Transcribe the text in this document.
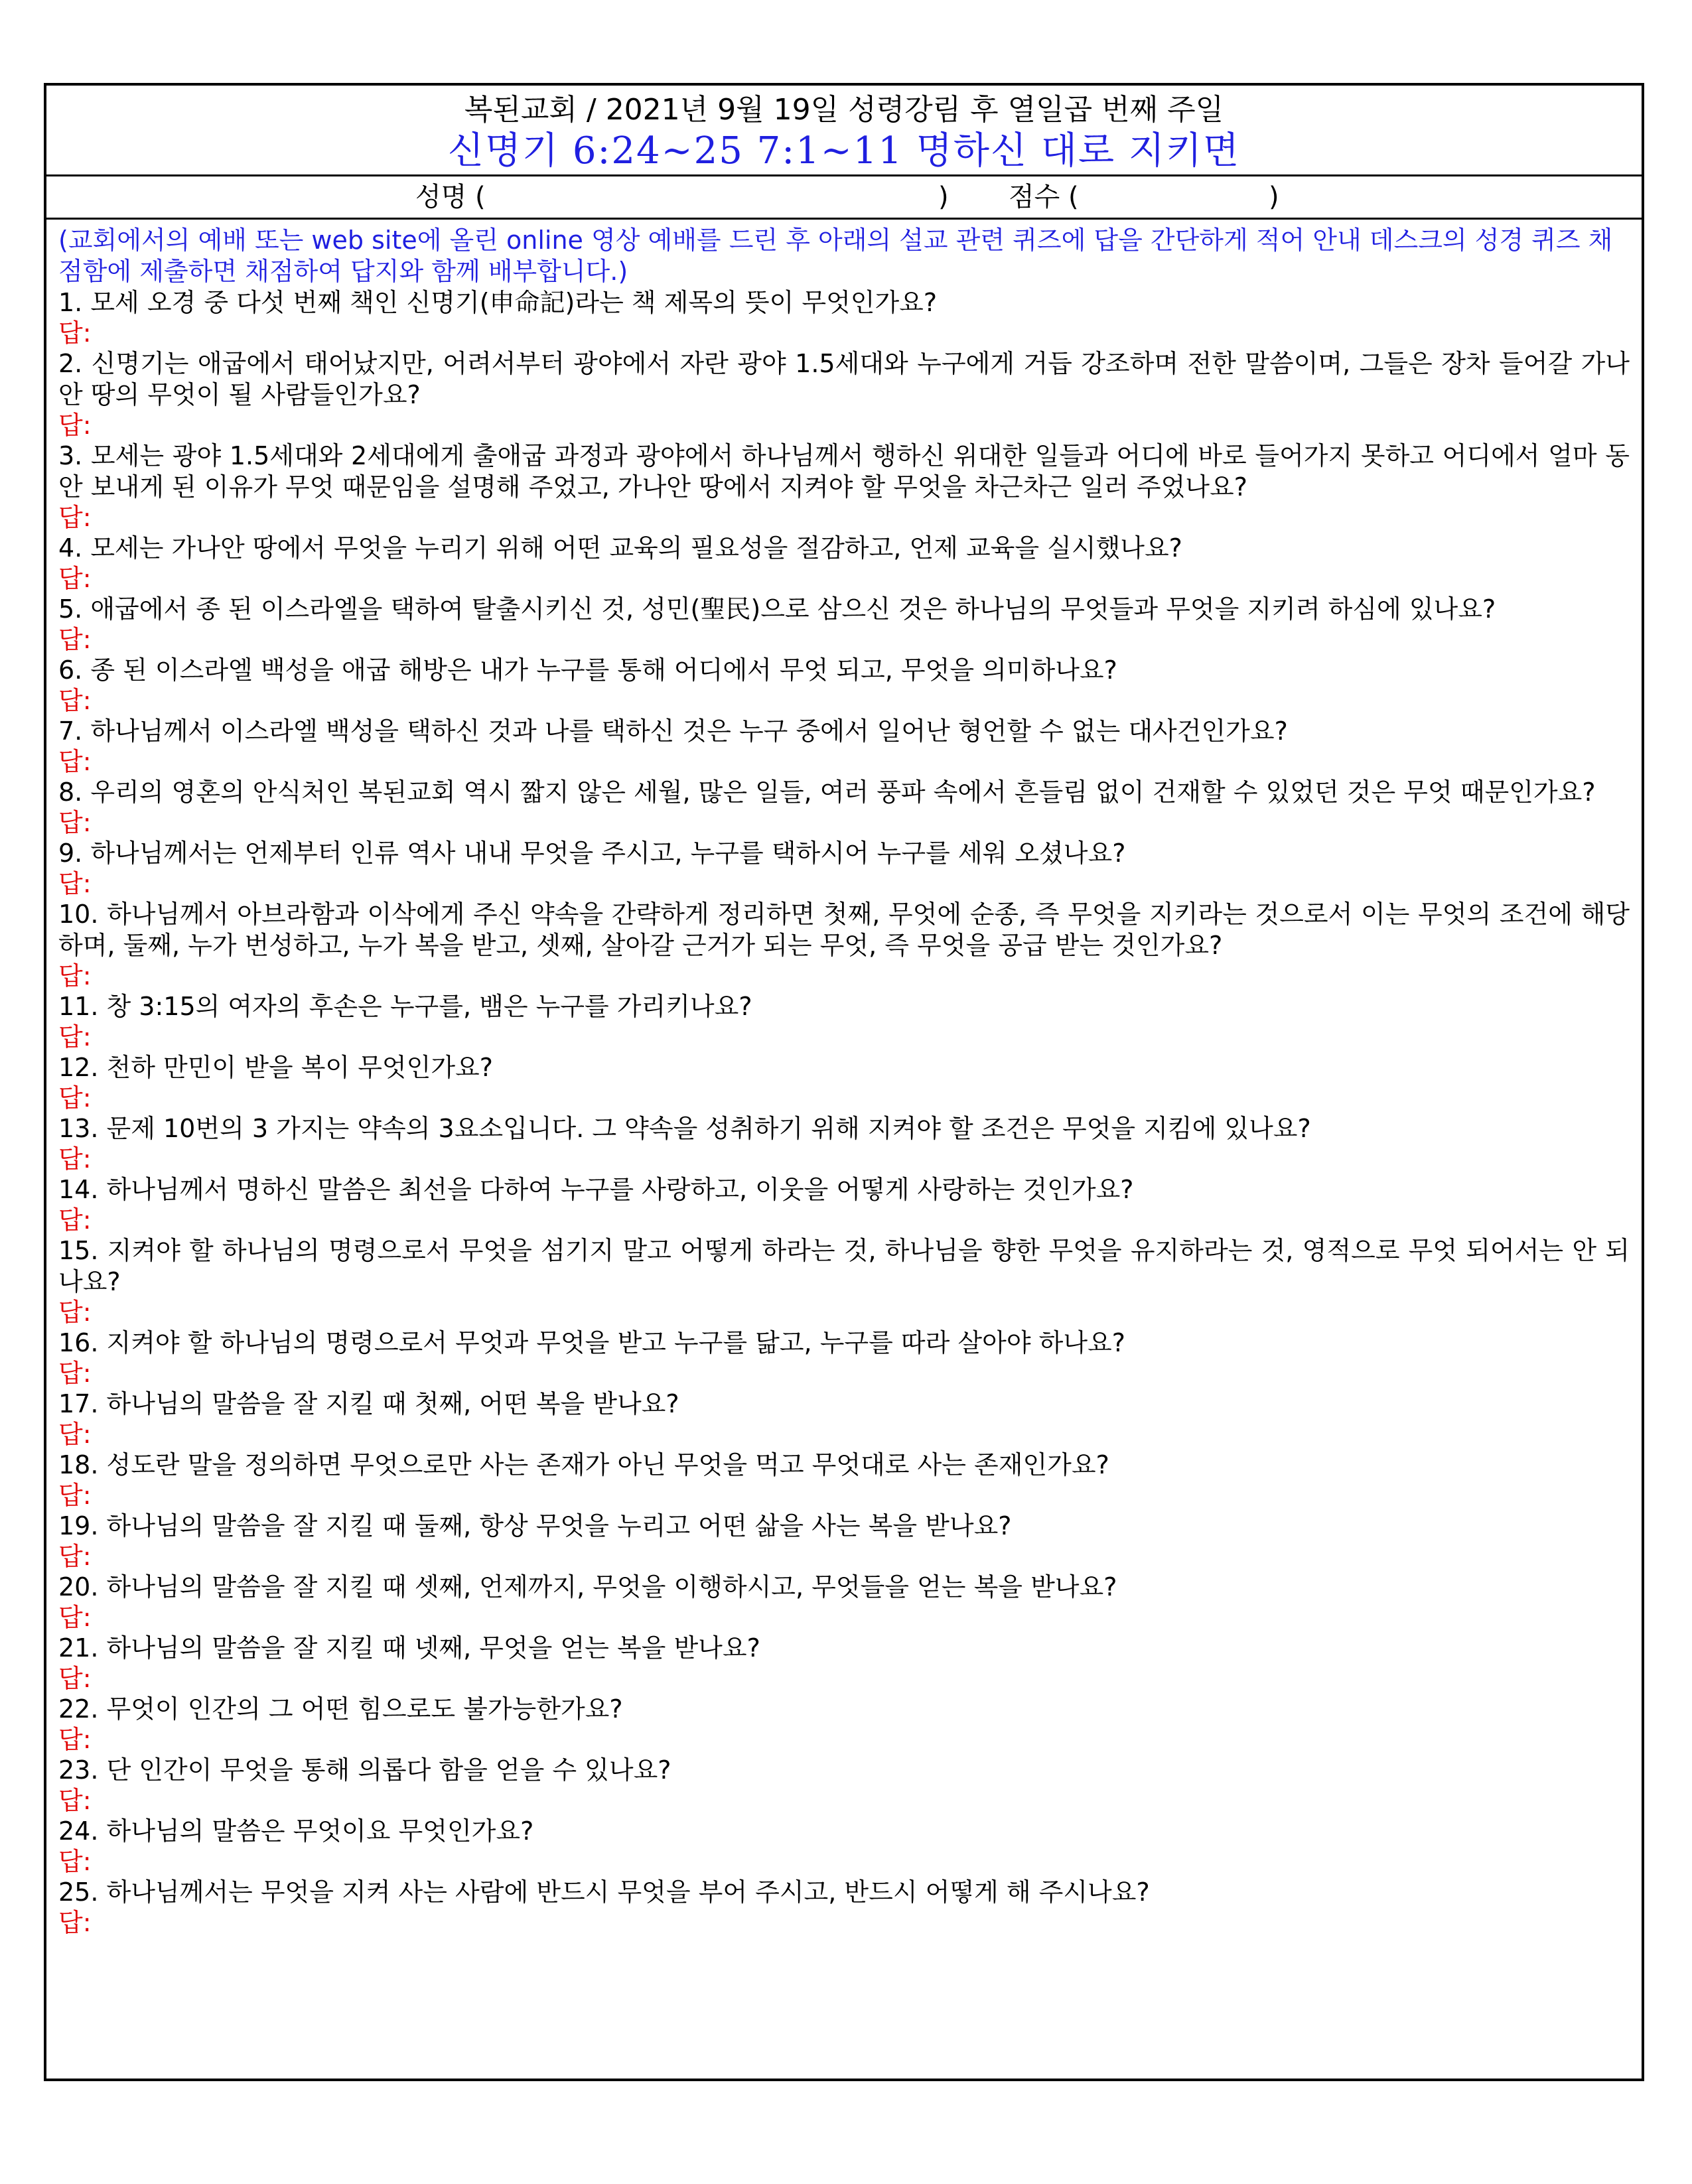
복된교회 / 2021년 9월 19일 성령강림 후 열일곱 번째 주일
신명기 6:24~25 7:1~11 명하신 대로 지키면
성명 (	) 점수 (	)

(교회에서의 예배 또는 web site에 올린 online 영상 예배를 드린 후 아래의 설교 관련 퀴즈에 답을 간단하게 적어 안내 데스크의 성경 퀴즈 채점함에 제출하면 채점하여 답지와 함께 배부합니다.)

1. 모세 오경 중 다섯 번째 책인 신명기(申命記)라는 책 제목의 뜻이 무엇인가요?

답:

2. 신명기는 애굽에서 태어났지만, 어려서부터 광야에서 자란 광야 1.5세대와 누구에게 거듭 강조하며 전한 말씀이며, 그들은 장차 들어갈 가나안 땅의 무엇이 될 사람들인가요?

답:

3. 모세는 광야 1.5세대와 2세대에게 출애굽 과정과 광야에서 하나님께서 행하신 위대한 일들과 어디에 바로 들어가지 못하고 어디에서 얼마 동안 보내게 된 이유가 무엇 때문임을 설명해 주었고, 가나안 땅에서 지켜야 할 무엇을 차근차근 일러 주었나요?

답:

4. 모세는 가나안 땅에서 무엇을 누리기 위해 어떤 교육의 필요성을 절감하고, 언제 교육을 실시했나요?

답:

5. 애굽에서 종 된 이스라엘을 택하여 탈출시키신 것, 성민(聖民)으로 삼으신 것은 하나님의 무엇들과 무엇을 지키려 하심에 있나요?

답:

6. 종 된 이스라엘 백성을 애굽 해방은 내가 누구를 통해 어디에서 무엇 되고, 무엇을 의미하나요?

답:

7. 하나님께서 이스라엘 백성을 택하신 것과 나를 택하신 것은 누구 중에서 일어난 형언할 수 없는 대사건인가요?

답:

8. 우리의 영혼의 안식처인 복된교회 역시 짧지 않은 세월, 많은 일들, 여러 풍파 속에서 흔들림 없이 건재할 수 있었던 것은 무엇 때문인가요?

답:

9. 하나님께서는 언제부터 인류 역사 내내 무엇을 주시고, 누구를 택하시어 누구를 세워 오셨나요?

답:

10. 하나님께서 아브라함과 이삭에게 주신 약속을 간략하게 정리하면 첫째, 무엇에 순종, 즉 무엇을 지키라는 것으로서 이는 무엇의 조건에 해당하며, 둘째, 누가 번성하고, 누가 복을 받고, 셋째, 살아갈 근거가 되는 무엇, 즉 무엇을 공급 받는 것인가요?

답:

11. 창 3:15의 여자의 후손은 누구를, 뱀은 누구를 가리키나요?

답:

12. 천하 만민이 받을 복이 무엇인가요?

답:

13. 문제 10번의 3 가지는 약속의 3요소입니다. 그 약속을 성취하기 위해 지켜야 할 조건은 무엇을 지킴에 있나요?

답:

14. 하나님께서 명하신 말씀은 최선을 다하여 누구를 사랑하고, 이웃을 어떻게 사랑하는 것인가요?

답:

15. 지켜야 할 하나님의 명령으로서 무엇을 섬기지 말고 어떻게 하라는 것, 하나님을 향한 무엇을 유지하라는 것, 영적으로 무엇 되어서는 안 되나요?

답:

16. 지켜야 할 하나님의 명령으로서 무엇과 무엇을 받고 누구를 닮고, 누구를 따라 살아야 하나요?

답:

17. 하나님의 말씀을 잘 지킬 때 첫째, 어떤 복을 받나요?

답:

18. 성도란 말을 정의하면 무엇으로만 사는 존재가 아닌 무엇을 먹고 무엇대로 사는 존재인가요?

답:

19. 하나님의 말씀을 잘 지킬 때 둘째, 항상 무엇을 누리고 어떤 삶을 사는 복을 받나요?

답:

20. 하나님의 말씀을 잘 지킬 때 셋째, 언제까지, 무엇을 이행하시고, 무엇들을 얻는 복을 받나요?

답:

21. 하나님의 말씀을 잘 지킬 때 넷째, 무엇을 얻는 복을 받나요?

답:

22. 무엇이 인간의 그 어떤 힘으로도 불가능한가요?

답:

23. 단 인간이 무엇을 통해 의롭다 함을 얻을 수 있나요?

답:

24. 하나님의 말씀은 무엇이요 무엇인가요?

답:

25. 하나님께서는 무엇을 지켜 사는 사람에 반드시 무엇을 부어 주시고, 반드시 어떻게 해 주시나요?

답:
